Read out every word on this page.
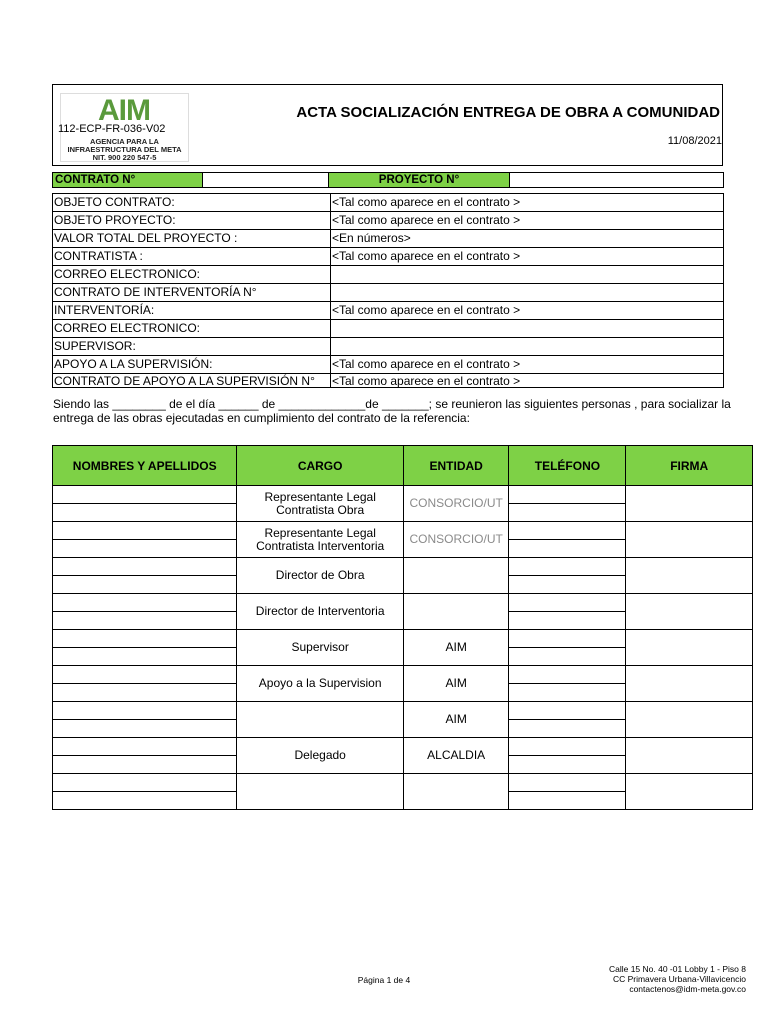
AIM
AGENCIA PARA LA
INFRAESTRUCTURA DEL META
NIT. 900 220 547-5
112-ECP-FR-036-V02
ACTA SOCIALIZACIÓN ENTREGA DE OBRA A COMUNIDAD
11/08/2021
CONTRATO N°	PROYECTO N°
OBJETO CONTRATO:	<Tal como aparece en el contrato >
OBJETO PROYECTO:	<Tal como aparece en el contrato >
VALOR TOTAL DEL PROYECTO :	<En números>
CONTRATISTA :	<Tal como aparece en el contrato >
CORREO ELECTRONICO:	
CONTRATO DE INTERVENTORÍA N°	
INTERVENTORÍA:	<Tal como aparece en el contrato >
CORREO ELECTRONICO:	
SUPERVISOR:	
APOYO A LA SUPERVISIÓN:	<Tal como aparece en el contrato >
CONTRATO DE APOYO A LA SUPERVISIÓN N°	<Tal como aparece en el contrato >
Siendo las ________ de el día ______ de _____________de _______; se reunieron las siguientes personas , para socializar la entrega de las obras ejecutadas en cumplimiento del contrato de la referencia:
NOMBRES Y APELLIDOS	CARGO	ENTIDAD	TELÉFONO	FIRMA
	Representante Legal Contratista Obra	CONSORCIO/UT		

	Representante Legal Contratista Interventoria	CONSORCIO/UT		

	Director de Obra			

	Director de Interventoria			

	Supervisor	AIM		

	Apoyo a la Supervision	AIM		

		AIM		

	Delegado	ALCALDIA		

Página 1 de 4
Calle 15 No. 40 -01 Lobby 1 - Piso 8
CC Primavera Urbana-Villavicencio
contactenos@idm-meta.gov.co
